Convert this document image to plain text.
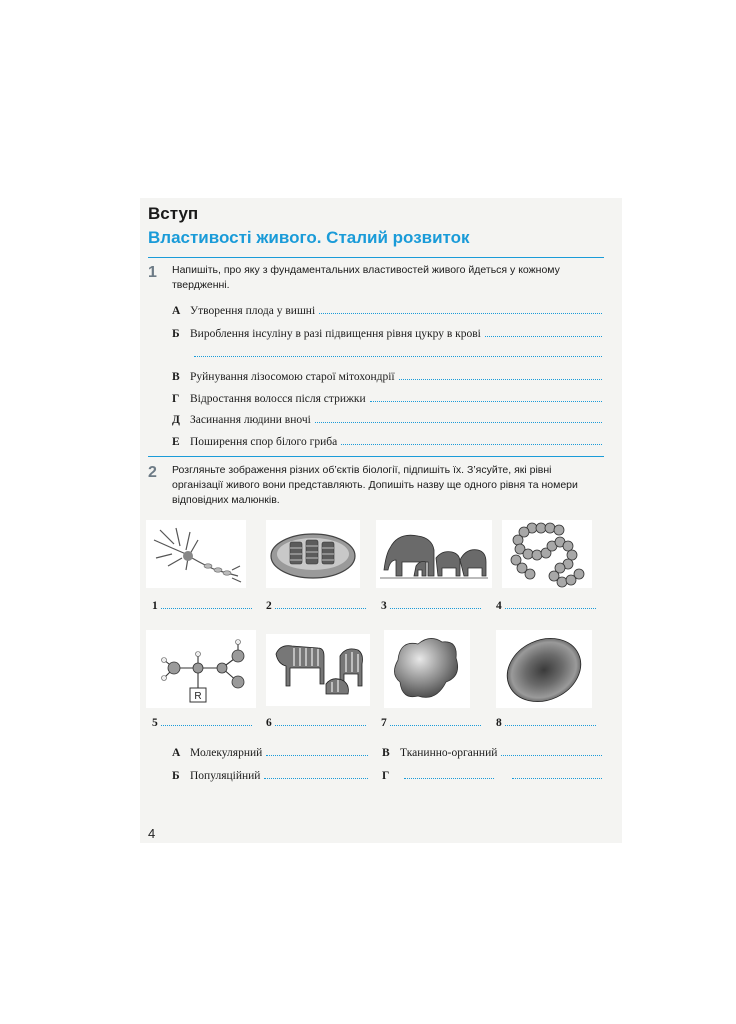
Вступ
Властивості живого. Сталий розвиток
1 Напишіть, про яку з фундаментальних властивостей живого йдеться у кожному твердженні.
А Утворення плода у вишні
Б Вироблення інсуліну в разі підвищення рівня цукру в крові
В Руйнування лізосомою старої мітохондрії
Г Відростання волосся після стрижки
Д Засинання людини вночі
Е Поширення спор білого гриба
2 Розгляньте зображення різних об’єктів біології, підпишіть їх. З’ясуйте, які рівні організації живого вони представляють. Допишіть назву ще одного рівня та номери відповідних малюнків.
1	2	3	4
R
5	6	7	8
А Молекулярний	В Тканинно-органний
Б Популяційний	Г
4
